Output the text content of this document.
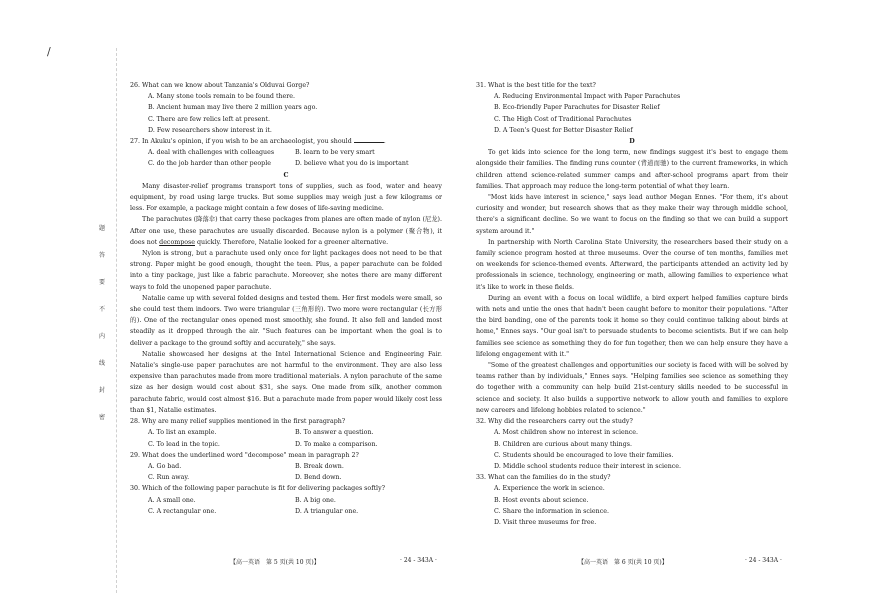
/
题
答
要
不
内
线
封
密

26. What can we know about Tanzania's Olduvai Gorge?

A. Many stone tools remain to be found there.

B. Ancient human may live there 2 million years ago.

C. There are few relics left at present.

D. Few researchers show interest in it.

27. In Akuku's opinion, if you wish to be an archaeologist, you should	.

A. deal with challenges with colleagues	B. learn to be very smart
C. do the job harder than other people	D. believe what you do is important

C

Many disaster-relief programs transport tons of supplies, such as food, water and heavy equipment, by road using large trucks. But some supplies may weigh just a few kilograms or less. For example, a package might contain a few doses of life-saving medicine.

The parachutes (降落伞) that carry these packages from planes are often made of nylon (尼龙). After one use, these parachutes are usually discarded. Because nylon is a polymer (聚合物), it does not decompose quickly. Therefore, Natalie looked for a greener alternative.

Nylon is strong, but a parachute used only once for light packages does not need to be that strong. Paper might be good enough, thought the teen. Plus, a paper parachute can be folded into a tiny package, just like a fabric parachute. Moreover, she notes there are many different ways to fold the unopened paper parachute.

Natalie came up with several folded designs and tested them. Her first models were small, so she could test them indoors. Two were triangular (三角形的). Two more were rectangular (长方形的). One of the rectangular ones opened most smoothly, she found. It also fell and landed most steadily as it dropped through the air. "Such features can be important when the goal is to deliver a package to the ground softly and accurately," she says.

Natalie showcased her designs at the Intel International Science and Engineering Fair. Natalie's single-use paper parachutes are not harmful to the environment. They are also less expensive than parachutes made from more traditional materials. A nylon parachute of the same size as her design would cost about $31, she says. One made from silk, another common parachute fabric, would cost almost $16. But a parachute made from paper would likely cost less than $1, Natalie estimates.

28. Why are many relief supplies mentioned in the first paragraph?

A. To list an example.	B. To answer a question.
C. To lead in the topic.	D. To make a comparison.

29. What does the underlined word "decompose" mean in paragraph 2?

A. Go bad.	B. Break down.
C. Run away.	D. Bend down.

30. Which of the following paper parachute is fit for delivering packages softly?

A. A small one.	B. A big one.
C. A rectangular one.	D. A triangular one.
【高一英语　第 5 页(共 10 页)】	· 24 - 343A ·

31. What is the best title for the text?

A. Reducing Environmental Impact with Paper Parachutes

B. Eco-friendly Paper Parachutes for Disaster Relief

C. The High Cost of Traditional Parachutes

D. A Teen's Quest for Better Disaster Relief

D

To get kids into science for the long term, new findings suggest it's best to engage them alongside their families. The finding runs counter (背道而驰) to the current frameworks, in which children attend science-related summer camps and after-school programs apart from their families. That approach may reduce the long-term potential of what they learn.

"Most kids have interest in science," says lead author Megan Ennes. "For them, it's about curiosity and wonder, but research shows that as they make their way through middle school, there's a significant decline. So we want to focus on the finding so that we can build a support system around it."

In partnership with North Carolina State University, the researchers based their study on a family science program hosted at three museums. Over the course of ten months, families met on weekends for science-themed events. Afterward, the participants attended an activity led by professionals in science, technology, engineering or math, allowing families to experience what it's like to work in these fields.

During an event with a focus on local wildlife, a bird expert helped families capture birds with nets and untie the ones that hadn't been caught before to monitor their populations. "After the bird banding, one of the parents took it home so they could continue talking about birds at home," Ennes says. "Our goal isn't to persuade students to become scientists. But if we can help families see science as something they do for fun together, then we can help ensure they have a lifelong engagement with it."

"Some of the greatest challenges and opportunities our society is faced with will be solved by teams rather than by individuals," Ennes says. "Helping families see science as something they do together with a community can help build 21st-century skills needed to be successful in science and society. It also builds a supportive network to allow youth and families to explore new careers and lifelong hobbies related to science."

32. Why did the researchers carry out the study?

A. Most children show no interest in science.

B. Children are curious about many things.

C. Students should be encouraged to love their families.

D. Middle school students reduce their interest in science.

33. What can the families do in the study?

A. Experience the work in science.

B. Host events about science.

C. Share the information in science.

D. Visit three museums for free.

【高一英语　第 6 页(共 10 页)】	· 24 - 343A ·
